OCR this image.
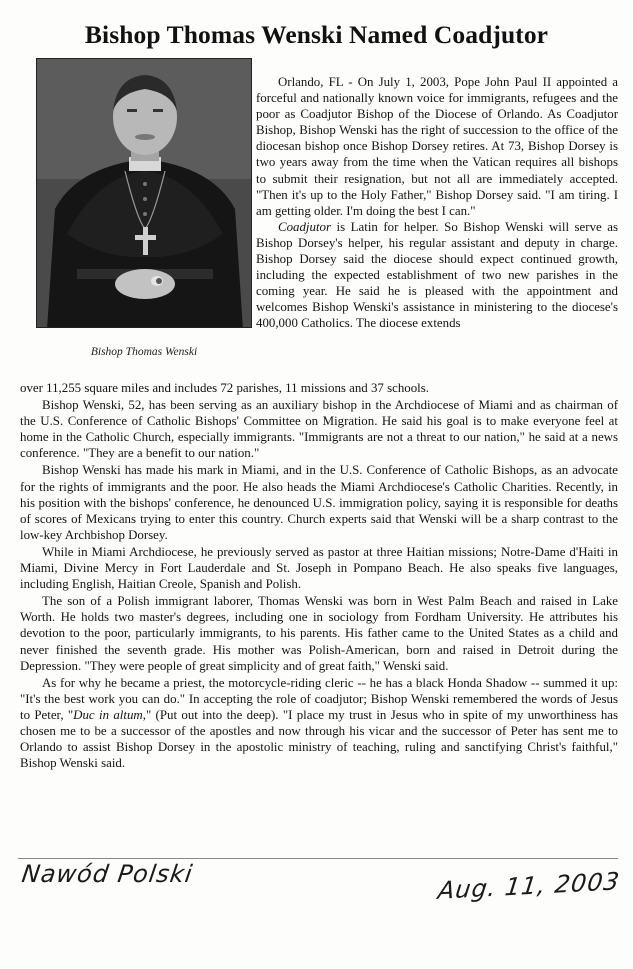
Bishop Thomas Wenski Named Coadjutor
Bishop Thomas Wenski

Orlando, FL - On July 1, 2003, Pope John Paul II appointed a forceful and nationally known voice for immigrants, refugees and the poor as Coadjutor Bishop of the Diocese of Orlando. As Coadjutor Bishop, Bishop Wenski has the right of succession to the office of the diocesan bishop once Bishop Dorsey retires. At 73, Bishop Dorsey is two years away from the time when the Vatican requires all bishops to submit their resignation, but not all are immediately accepted. "Then it's up to the Holy Father," Bishop Dorsey said. "I am tiring. I am getting older. I'm doing the best I can."

Coadjutor is Latin for helper. So Bishop Wenski will serve as Bishop Dorsey's helper, his regular assistant and deputy in charge. Bishop Dorsey said the diocese should expect continued growth, including the expected establishment of two new parishes in the coming year. He said he is pleased with the appointment and welcomes Bishop Wenski's assistance in ministering to the diocese's 400,000 Catholics. The diocese extends

over 11,255 square miles and includes 72 parishes, 11 missions and 37 schools.

Bishop Wenski, 52, has been serving as an auxiliary bishop in the Archdiocese of Miami and as chairman of the U.S. Conference of Catholic Bishops' Committee on Migration. He said his goal is to make everyone feel at home in the Catholic Church, especially immigrants. "Immigrants are not a threat to our nation," he said at a news conference. "They are a benefit to our nation."

Bishop Wenski has made his mark in Miami, and in the U.S. Conference of Catholic Bishops, as an advocate for the rights of immigrants and the poor. He also heads the Miami Archdiocese's Catholic Charities. Recently, in his position with the bishops' conference, he denounced U.S. immigration policy, saying it is responsible for deaths of scores of Mexicans trying to enter this country. Church experts said that Wenski will be a sharp contrast to the low-key Archbishop Dorsey.

While in Miami Archdiocese, he previously served as pastor at three Haitian missions; Notre-Dame d'Haiti in Miami, Divine Mercy in Fort Lauderdale and St. Joseph in Pompano Beach. He also speaks five languages, including English, Haitian Creole, Spanish and Polish.

The son of a Polish immigrant laborer, Thomas Wenski was born in West Palm Beach and raised in Lake Worth. He holds two master's degrees, including one in sociology from Fordham University. He attributes his devotion to the poor, particularly immigrants, to his parents. His father came to the United States as a child and never finished the seventh grade. His mother was Polish-American, born and raised in Detroit during the Depression. "They were people of great simplicity and of great faith," Wenski said.

As for why he became a priest, the motorcycle-riding cleric -- he has a black Honda Shadow -- summed it up: "It's the best work you can do." In accepting the role of coadjutor; Bishop Wenski remembered the words of Jesus to Peter, "Duc in altum," (Put out into the deep). "I place my trust in Jesus who in spite of my unworthiness has chosen me to be a successor of the apostles and now through his vicar and the successor of Peter has sent me to Orlando to assist Bishop Dorsey in the apostolic ministry of teaching, ruling and sanctifying Christ's faithful," Bishop Wenski said.

Nawód Polski	Aug. 11, 2003
